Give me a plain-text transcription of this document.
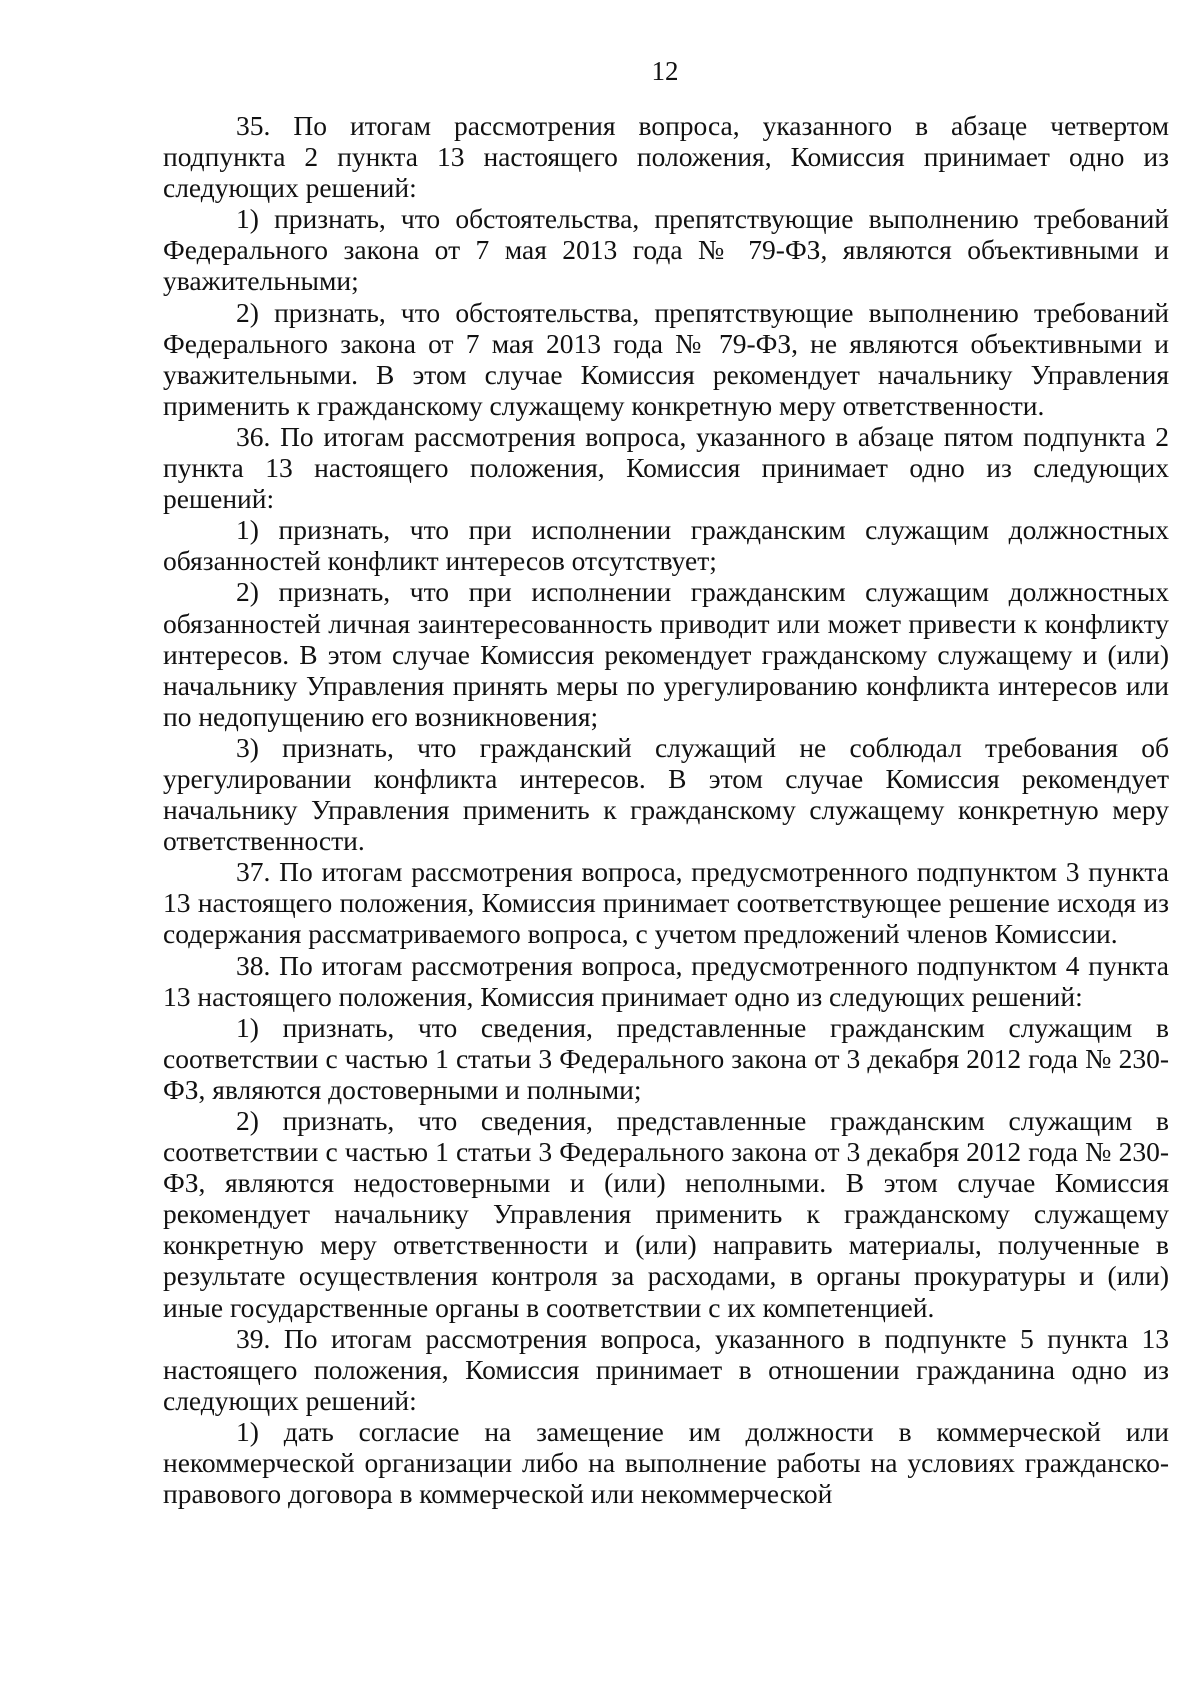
12

35. По итогам рассмотрения вопроса, указанного в абзаце четвертом подпункта 2 пункта 13 настоящего положения, Комиссия принимает одно из следующих решений:

1) признать, что обстоятельства, препятствующие выполнению требований Федерального закона от 7 мая 2013 года № 79-ФЗ, являются объективными и уважительными;

2) признать, что обстоятельства, препятствующие выполнению требований Федерального закона от 7 мая 2013 года № 79-ФЗ, не являются объективными и уважительными. В этом случае Комиссия рекомендует начальнику Управления применить к гражданскому служащему конкретную меру ответственности.

36. По итогам рассмотрения вопроса, указанного в абзаце пятом подпункта 2 пункта 13 настоящего положения, Комиссия принимает одно из следующих решений:

1) признать, что при исполнении гражданским служащим должностных обязанностей конфликт интересов отсутствует;

2) признать, что при исполнении гражданским служащим должностных обязанностей личная заинтересованность приводит или может привести к конфликту интересов. В этом случае Комиссия рекомендует гражданскому служащему и (или) начальнику Управления принять меры по урегулированию конфликта интересов или по недопущению его возникновения;

3) признать, что гражданский служащий не соблюдал требования об урегулировании конфликта интересов. В этом случае Комиссия рекомендует начальнику Управления применить к гражданскому служащему конкретную меру ответственности.

37. По итогам рассмотрения вопроса, предусмотренного подпунктом 3 пункта 13 настоящего положения, Комиссия принимает соответствующее решение исходя из содержания рассматриваемого вопроса, с учетом предложений членов Комиссии.

38. По итогам рассмотрения вопроса, предусмотренного подпунктом 4 пункта 13 настоящего положения, Комиссия принимает одно из следующих решений:

1) признать, что сведения, представленные гражданским служащим в соответствии с частью 1 статьи 3 Федерального закона от 3 декабря 2012 года № 230-ФЗ, являются достоверными и полными;

2) признать, что сведения, представленные гражданским служащим в соответствии с частью 1 статьи 3 Федерального закона от 3 декабря 2012 года № 230-ФЗ, являются недостоверными и (или) неполными. В этом случае Комиссия рекомендует начальнику Управления применить к гражданскому служащему конкретную меру ответственности и (или) направить материалы, полученные в результате осуществления контроля за расходами, в органы прокуратуры и (или) иные государственные органы в соответствии с их компетенцией.

39. По итогам рассмотрения вопроса, указанного в подпункте 5 пункта 13 настоящего положения, Комиссия принимает в отношении гражданина одно из следующих решений:

1) дать согласие на замещение им должности в коммерческой или некоммерческой организации либо на выполнение работы на условиях гражданско-правового договора в коммерческой или некоммерческой
